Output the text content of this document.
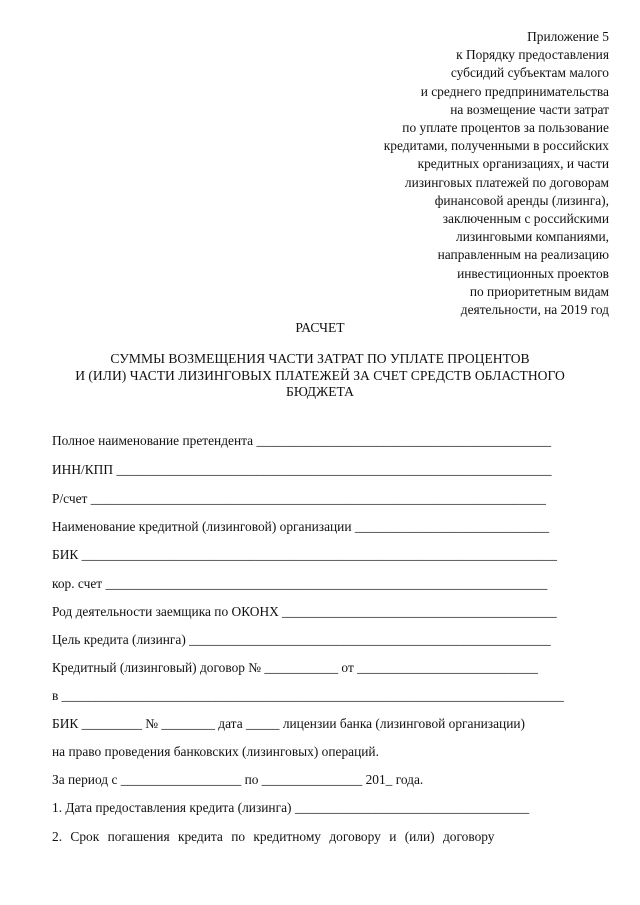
Приложение 5
к Порядку предоставления
субсидий субъектам малого
и среднего предпринимательства
на возмещение части затрат
по уплате процентов за пользование
кредитами, полученными в российских
кредитных организациях, и части
лизинговых платежей по договорам
финансовой аренды (лизинга),
заключенным с российскими
лизинговыми компаниями,
направленным на реализацию
инвестиционных проектов
по приоритетным видам
деятельности, на 2019 год
РАСЧЕТ
СУММЫ ВОЗМЕЩЕНИЯ ЧАСТИ ЗАТРАТ ПО УПЛАТЕ ПРОЦЕНТОВ
И (ИЛИ) ЧАСТИ ЛИЗИНГОВЫХ ПЛАТЕЖЕЙ ЗА СЧЕТ СРЕДСТВ ОБЛАСТНОГО
БЮДЖЕТА
Полное наименование претендента ____________________________________________
ИНН/КПП _________________________________________________________________
Р/счет ____________________________________________________________________
Наименование кредитной (лизинговой) организации _____________________________
БИК _______________________________________________________________________
кор. счет __________________________________________________________________
Род деятельности заемщика по ОКОНХ _________________________________________
Цель кредита (лизинга) ______________________________________________________
Кредитный (лизинговый) договор № ___________ от ___________________________
в ___________________________________________________________________________
БИК _________ № ________ дата _____ лицензии банка (лизинговой организации)
на право проведения банковских (лизинговых) операций.
За период с __________________ по _______________ 201_ года.
1. Дата предоставления кредита (лизинга) ___________________________________
2. Срок погашения кредита по кредитному договору и (или) договору
